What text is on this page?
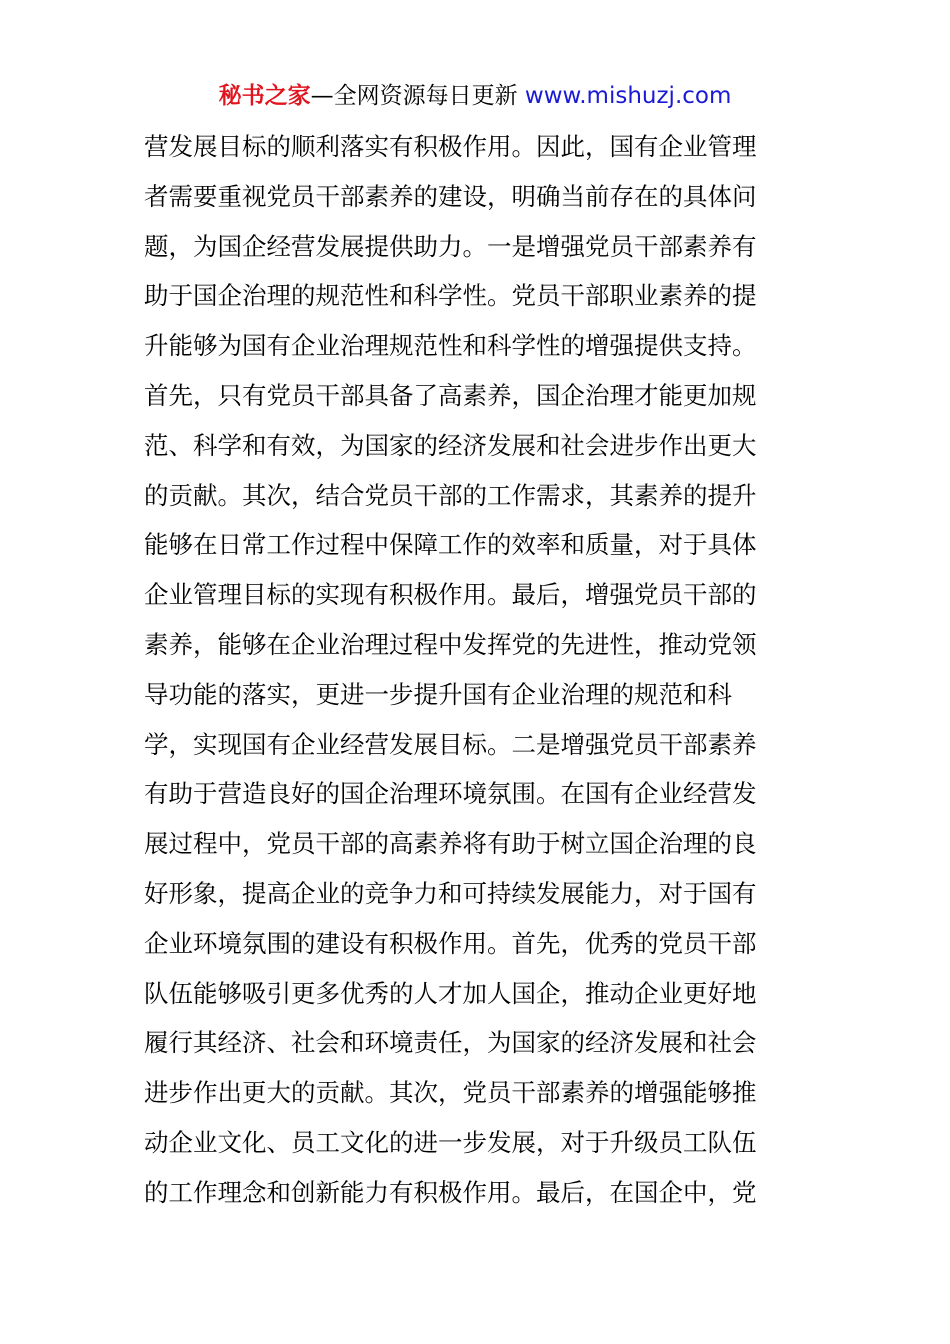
秘书之家—全网资源每日更新 www.mishuzj.com
营发展目标的顺利落实有积极作用。因此，国有企业管理
者需要重视党员干部素养的建设，明确当前存在的具体问
题，为国企经营发展提供助力。一是增强党员干部素养有
助于国企治理的规范性和科学性。党员干部职业素养的提
升能够为国有企业治理规范性和科学性的增强提供支持。
首先，只有党员干部具备了高素养，国企治理才能更加规
范、科学和有效，为国家的经济发展和社会进步作出更大
的贡献。其次，结合党员干部的工作需求，其素养的提升
能够在日常工作过程中保障工作的效率和质量，对于具体
企业管理目标的实现有积极作用。最后，增强党员干部的
素养，能够在企业治理过程中发挥党的先进性，推动党领
导功能的落实，更进一步提升国有企业治理的规范和科
学，实现国有企业经营发展目标。二是增强党员干部素养
有助于营造良好的国企治理环境氛围。在国有企业经营发
展过程中，党员干部的高素养将有助于树立国企治理的良
好形象，提高企业的竞争力和可持续发展能力，对于国有
企业环境氛围的建设有积极作用。首先，优秀的党员干部
队伍能够吸引更多优秀的人才加人国企，推动企业更好地
履行其经济、社会和环境责任，为国家的经济发展和社会
进步作出更大的贡献。其次，党员干部素养的增强能够推
动企业文化、员工文化的进一步发展，对于升级员工队伍
的工作理念和创新能力有积极作用。最后，在国企中，党
